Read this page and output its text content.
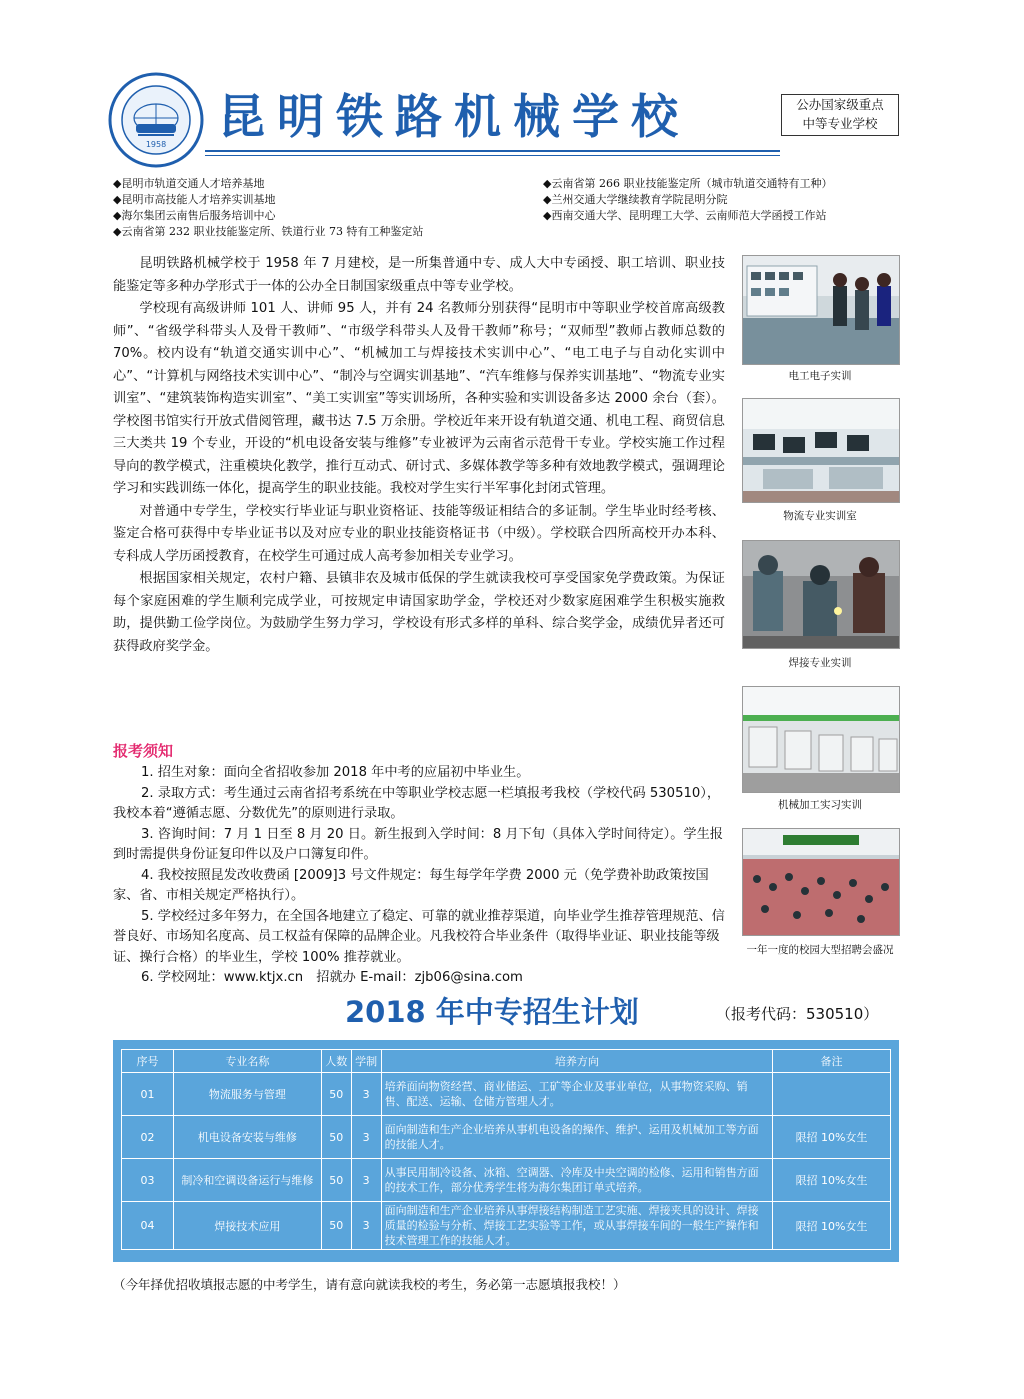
1958 昆明铁路机械学校	公办国家级重点
中等专业学校
◆昆明市轨道交通人才培养基地	◆云南省第 266 职业技能鉴定所（城市轨道交通特有工种）
◆昆明市高技能人才培养实训基地	◆兰州交通大学继续教育学院昆明分院
◆海尔集团云南售后服务培训中心	◆西南交通大学、昆明理工大学、云南师范大学函授工作站
◆云南省第 232 职业技能鉴定所、铁道行业 73 特有工种鉴定站

昆明铁路机械学校于 1958 年 7 月建校，是一所集普通中专、成人大中专函授、职工培训、职业技能鉴定等多种办学形式于一体的公办全日制国家级重点中等专业学校。

学校现有高级讲师 101 人、讲师 95 人，并有 24 名教师分别获得“昆明市中等职业学校首席高级教师”、“省级学科带头人及骨干教师”、“市级学科带头人及骨干教师”称号；“双师型”教师占教师总数的 70%。校内设有“轨道交通实训中心”、“机械加工与焊接技术实训中心”、“电工电子与自动化实训中心”、“计算机与网络技术实训中心”、“制冷与空调实训基地”、“汽车维修与保养实训基地”、“物流专业实训室”、“建筑装饰构造实训室”、“美工实训室”等实训场所，各种实验和实训设备多达 2000 余台（套）。学校图书馆实行开放式借阅管理，藏书达 7.5 万余册。学校近年来开设有轨道交通、机电工程、商贸信息三大类共 19 个专业，开设的“机电设备安装与维修”专业被评为云南省示范骨干专业。学校实施工作过程导向的教学模式，注重模块化教学，推行互动式、研讨式、多媒体教学等多种有效地教学模式，强调理论学习和实践训练一体化，提高学生的职业技能。我校对学生实行半军事化封闭式管理。

对普通中专学生，学校实行毕业证与职业资格证、技能等级证相结合的多证制。学生毕业时经考核、鉴定合格可获得中专毕业证书以及对应专业的职业技能资格证书（中级）。学校联合四所高校开办本科、专科成人学历函授教育，在校学生可通过成人高考参加相关专业学习。

根据国家相关规定，农村户籍、县镇非农及城市低保的学生就读我校可享受国家免学费政策。为保证每个家庭困难的学生顺利完成学业，可按规定申请国家助学金，学校还对少数家庭困难学生积极实施救助，提供勤工俭学岗位。为鼓励学生努力学习，学校设有形式多样的单科、综合奖学金，成绩优异者还可获得政府奖学金。

电工电子实训
物流专业实训室
焊接专业实训
机械加工实习实训
一年一度的校园大型招聘会盛况
报考须知

1. 招生对象：面向全省招收参加 2018 年中考的应届初中毕业生。

2. 录取方式：考生通过云南省招考系统在中等职业学校志愿一栏填报考我校（学校代码 530510），我校本着“遵循志愿、分数优先”的原则进行录取。

3. 咨询时间：7 月 1 日至 8 月 20 日。新生报到入学时间：8 月下旬（具体入学时间待定）。学生报到时需提供身份证复印件以及户口簿复印件。

4. 我校按照昆发改收费函 [2009]3 号文件规定：每生每学年学费 2000 元（免学费补助政策按国家、省、市相关规定严格执行）。

5. 学校经过多年努力，在全国各地建立了稳定、可靠的就业推荐渠道，向毕业学生推荐管理规范、信誉良好、市场知名度高、员工权益有保障的品牌企业。凡我校符合毕业条件（取得毕业证、职业技能等级证、操行合格）的毕业生，学校 100% 推荐就业。

6. 学校网址：www.ktjx.cn　招就办 E-mail：zjb06@sina.com

2018 年中专招生计划	（报考代码：530510）
序号	专业名称	人数	学制	培养方向	备注
01	物流服务与管理	50	3	培养面向物资经营、商业储运、工矿等企业及事业单位，从事物资采购、销售、配送、运输、仓储方管理人才。	
02	机电设备安装与维修	50	3	面向制造和生产企业培养从事机电设备的操作、维护、运用及机械加工等方面的技能人才。	限招 10%女生
03	制冷和空调设备运行与维修	50	3	从事民用制冷设备、冰箱、空调器、冷库及中央空调的检修、运用和销售方面的技术工作，部分优秀学生将为海尔集团订单式培养。	限招 10%女生
04	焊接技术应用	50	3	面向制造和生产企业培养从事焊接结构制造工艺实施、焊接夹具的设计、焊接质量的检验与分析、焊接工艺实验等工作，或从事焊接车间的一般生产操作和技术管理工作的技能人才。	限招 10%女生
（今年择优招收填报志愿的中考学生，请有意向就读我校的考生，务必第一志愿填报我校！）
